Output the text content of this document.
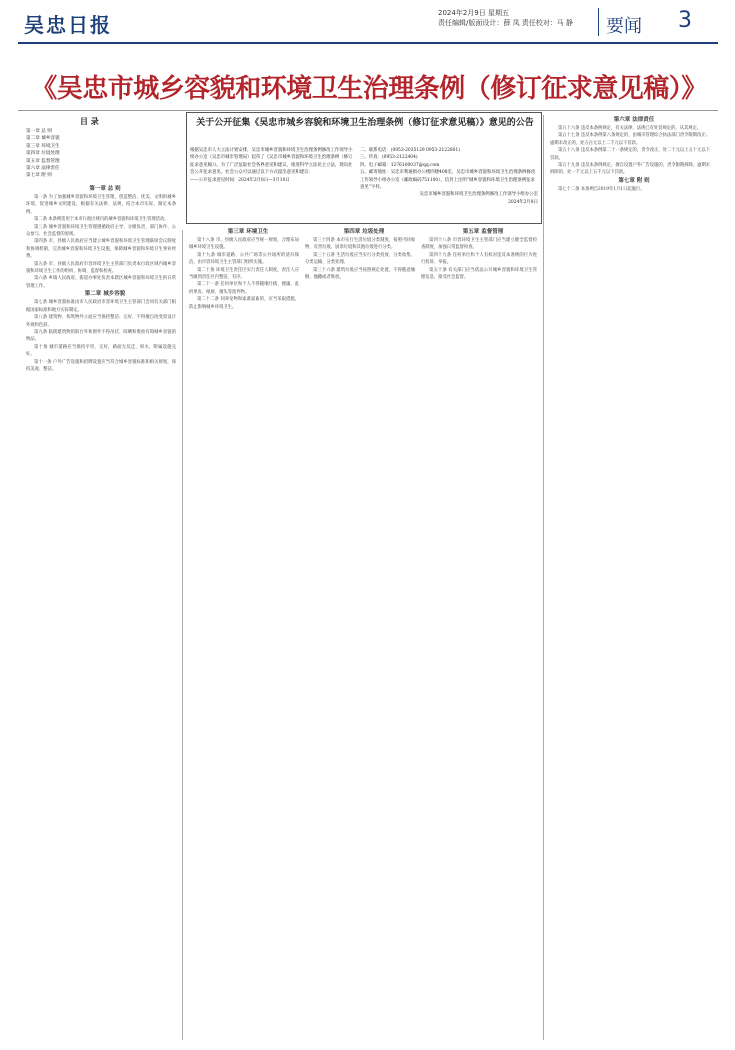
吴忠日报	2024年2月9日 星期五
责任编辑/版面设计：薛 凤 责任校对：马 静 要闻 3
《吴忠市城乡容貌和环境卫生治理条例（修订征求意见稿）》
目 录
第一章 总 则
第二章 城乡容貌
第三章 环境卫生
第四章 垃圾处理
第五章 监督管理
第六章 法律责任
第七章 附 则
关于公开征集《吴忠市城乡容貌和环境卫生治理条例（修订征求意见稿）》意见的公告

根据吴忠市人大立法计划安排，吴忠市城乡容貌和环境卫生治理条例修改工作领导小组办公室（吴忠市城市管理局）起草了《吴忠市城乡容貌和环境卫生治理条例（修订征求意见稿）》。为了广泛征取社会各界意见和建议，推进科学立法民主立法，现向社会公开征求意见。社会公众可以通过以下方式提出意见和建议：

——公开征求意见时间：2024年2月8日—3月10日

二、联系电话：(0953-2035129 0953-2122801)

三、传真：(0953-2122404)

四、电子邮箱：1276100037@qq.com

五、邮寄地址：吴忠市利通街办公楼四楼408室，吴忠市城乡容貌和环境卫生治理条例修改工作领导小组办公室（邮政编码751100），信封上注明“城乡容貌和环境卫生治理条例征求意见”字样。

吴忠市城乡容貌和环境卫生治理条例修改工作领导小组办公室

2024年2月8日

第一章 总 则

第一条 为了加强城乡容貌和环境卫生管理，创造整洁、优美、文明的城乡环境，促进城乡文明建设，根据有关法律、法规，结合本市实际，制定本条例。

第二条 本条例适用于本市行政区域内的城乡容貌和环境卫生管理活动。

第三条 城乡容貌和环境卫生管理遵循政府主导、分级负责、部门协作、公众参与、社会监督的原则。

第四条 市、县级人民政府应当建立城乡容貌和环境卫生管理联席会议制度和协调机制，完善城乡容貌和环境卫生设施，保障城乡容貌和环境卫生事业经费。

第五条 市、县级人民政府市容环境卫生主管部门负责本行政区域内城乡容貌和环境卫生工作的组织、协调、监督和检查。

第六条 乡镇人民政府、街道办事处负责本辖区城乡容貌和环境卫生的日常管理工作。

第二章 城乡容貌

第七条 城乡容貌标准由市人民政府市容环境卫生主管部门会同有关部门根据国家标准和地方实际制定。

第八条 建筑物、构筑物外立面应当保持整洁、完好，不得擅自改变原设计外观和色彩。

第九条 临街建筑物的阳台外和窗外不得吊挂、晾晒和堆放有碍城乡容貌的物品。

第十条 城市道路应当保持平坦、完好，路面无坑洼、积水，附属设施完好。

第十一条 户外广告设施和招牌设置应当符合城乡容貌标准和相关规划，保持美观、整洁。

第三章 环境卫生

第十八条 市、县级人民政府应当统一规划，合理布局城乡环境卫生设施。

第十九条 城市道路、公共广场等公共场所的清扫保洁，由市容环境卫生主管部门组织实施。

第二十条 环境卫生责任区实行责任人制度，责任人应当做到责任区内整洁、有序。

第二十一条 任何单位和个人不得随地吐痰、便溺，乱扔果皮、纸屑、烟头等废弃物。

第二十二条 饲养宠物和家禽家畜的，应当采取措施，防止影响城乡环境卫生。

第四章 垃圾处理

第三十四条 本市实行生活垃圾分类制度，按照可回收物、有害垃圾、厨余垃圾和其他垃圾进行分类。

第三十五条 生活垃圾应当实行分类投放、分类收集、分类运输、分类处理。

第三十六条 建筑垃圾应当按照规定处置，不得随意倾倒、抛撒或者堆放。

第五章 监督管理

第四十八条 市容环境卫生主管部门应当建立健全监督检查制度，加强日常监督检查。

第四十九条 任何单位和个人有权对违反本条例的行为进行投诉、举报。

第五十条 有关部门应当依法公开城乡容貌和环境卫生管理信息，接受社会监督。

第六章 法律责任

第五十六条 违反本条例规定，有关法律、法规已有处罚规定的，从其规定。

第五十七条 违反本条例第八条规定的，由城市管理综合执法部门责令限期改正；逾期未改正的，处五百元以上二千元以下罚款。

第五十八条 违反本条例第二十一条规定的，责令改正，处二十元以上五十元以下罚款。

第五十九条 违反本条例规定，擅自设置户外广告设施的，责令限期拆除，逾期未拆除的，处一千元以上五千元以下罚款。

第七章 附 则

第七十二条 本条例自2019年1月1日起施行。
